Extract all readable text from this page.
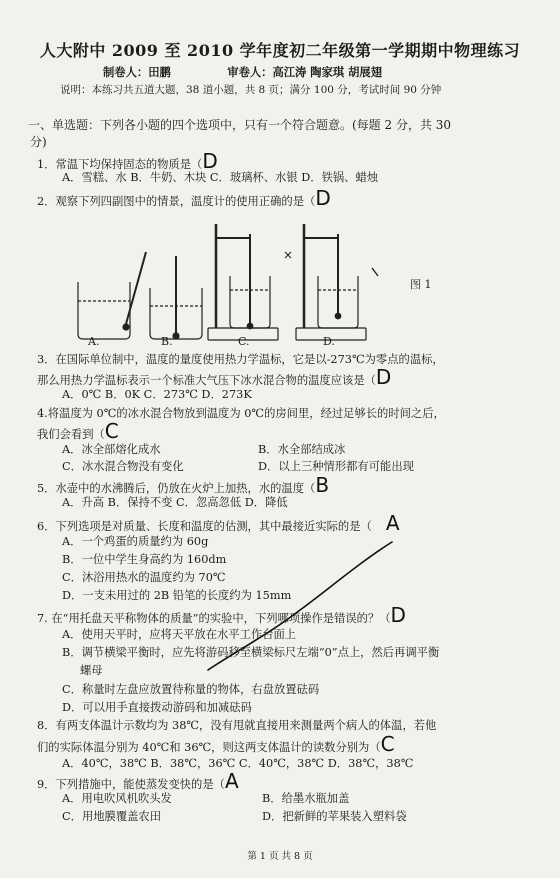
人大附中 2009 至 2010 学年度初二年级第一学期期中物理练习
制卷人：田鹏　　　　　审卷人：高江涛 陶家琪 胡展翅
说明：本练习共五道大题，38 道小题，共 8 页；满分 100 分，考试时间 90 分钟
一、单选题：下列各小题的四个选项中，只有一个符合题意。(每题 2 分，共 30
分)
1．常温下均保持固态的物质是（D
A．雪糕、水 B．牛奶、木块 C．玻璃杯、水银 D．铁锅、蜡烛
2．观察下列四副图中的情景，温度计的使用正确的是（D
图 1
A.	B.	C.	D.
3．在国际单位制中，温度的量度使用热力学温标，它是以-273℃为零点的温标，
那么用热力学温标表示一个标准大气压下冰水混合物的温度应该是（D
A．0℃ B．0K C．273℃ D．273K
4.将温度为 0℃的冰水混合物放到温度为 0℃的房间里，经过足够长的时间之后，
我们会看到（C
A．冰全部熔化成水	B．水全部结成冰
C．冰水混合物没有变化	D．以上三种情形都有可能出现
5．水壶中的水沸腾后，仍放在火炉上加热，水的温度（B
A．升高 B．保持不变 C．忽高忽低 D．降低
6．下列选项是对质量、长度和温度的估测，其中最接近实际的是（ A
A．一个鸡蛋的质量约为 60g
B．一位中学生身高约为 160dm
C．沐浴用热水的温度约为 70℃
D．一支未用过的 2B 铅笔的长度约为 15mm
7. 在“用托盘天平称物体的质量”的实验中，下列哪项操作是错误的？（D
A．使用天平时，应将天平放在水平工作台面上
B．调节横梁平衡时，应先将游码移至横梁标尺左端“0”点上，然后再调平衡
螺母
C．称量时左盘应放置待称量的物体，右盘放置砝码
D．可以用手直接拨动游码和加减砝码
8．有两支体温计示数均为 38℃，没有甩就直接用来测量两个病人的体温，若他
们的实际体温分别为 40℃和 36℃，则这两支体温计的读数分别为（C
A．40℃，38℃ B．38℃，36℃ C．40℃，38℃ D．38℃，38℃
9．下列措施中，能使蒸发变快的是（A
A．用电吹风机吹头发	B．给墨水瓶加盖
C．用地膜覆盖农田	D．把新鲜的苹果装入塑料袋
第 1 页 共 8 页
